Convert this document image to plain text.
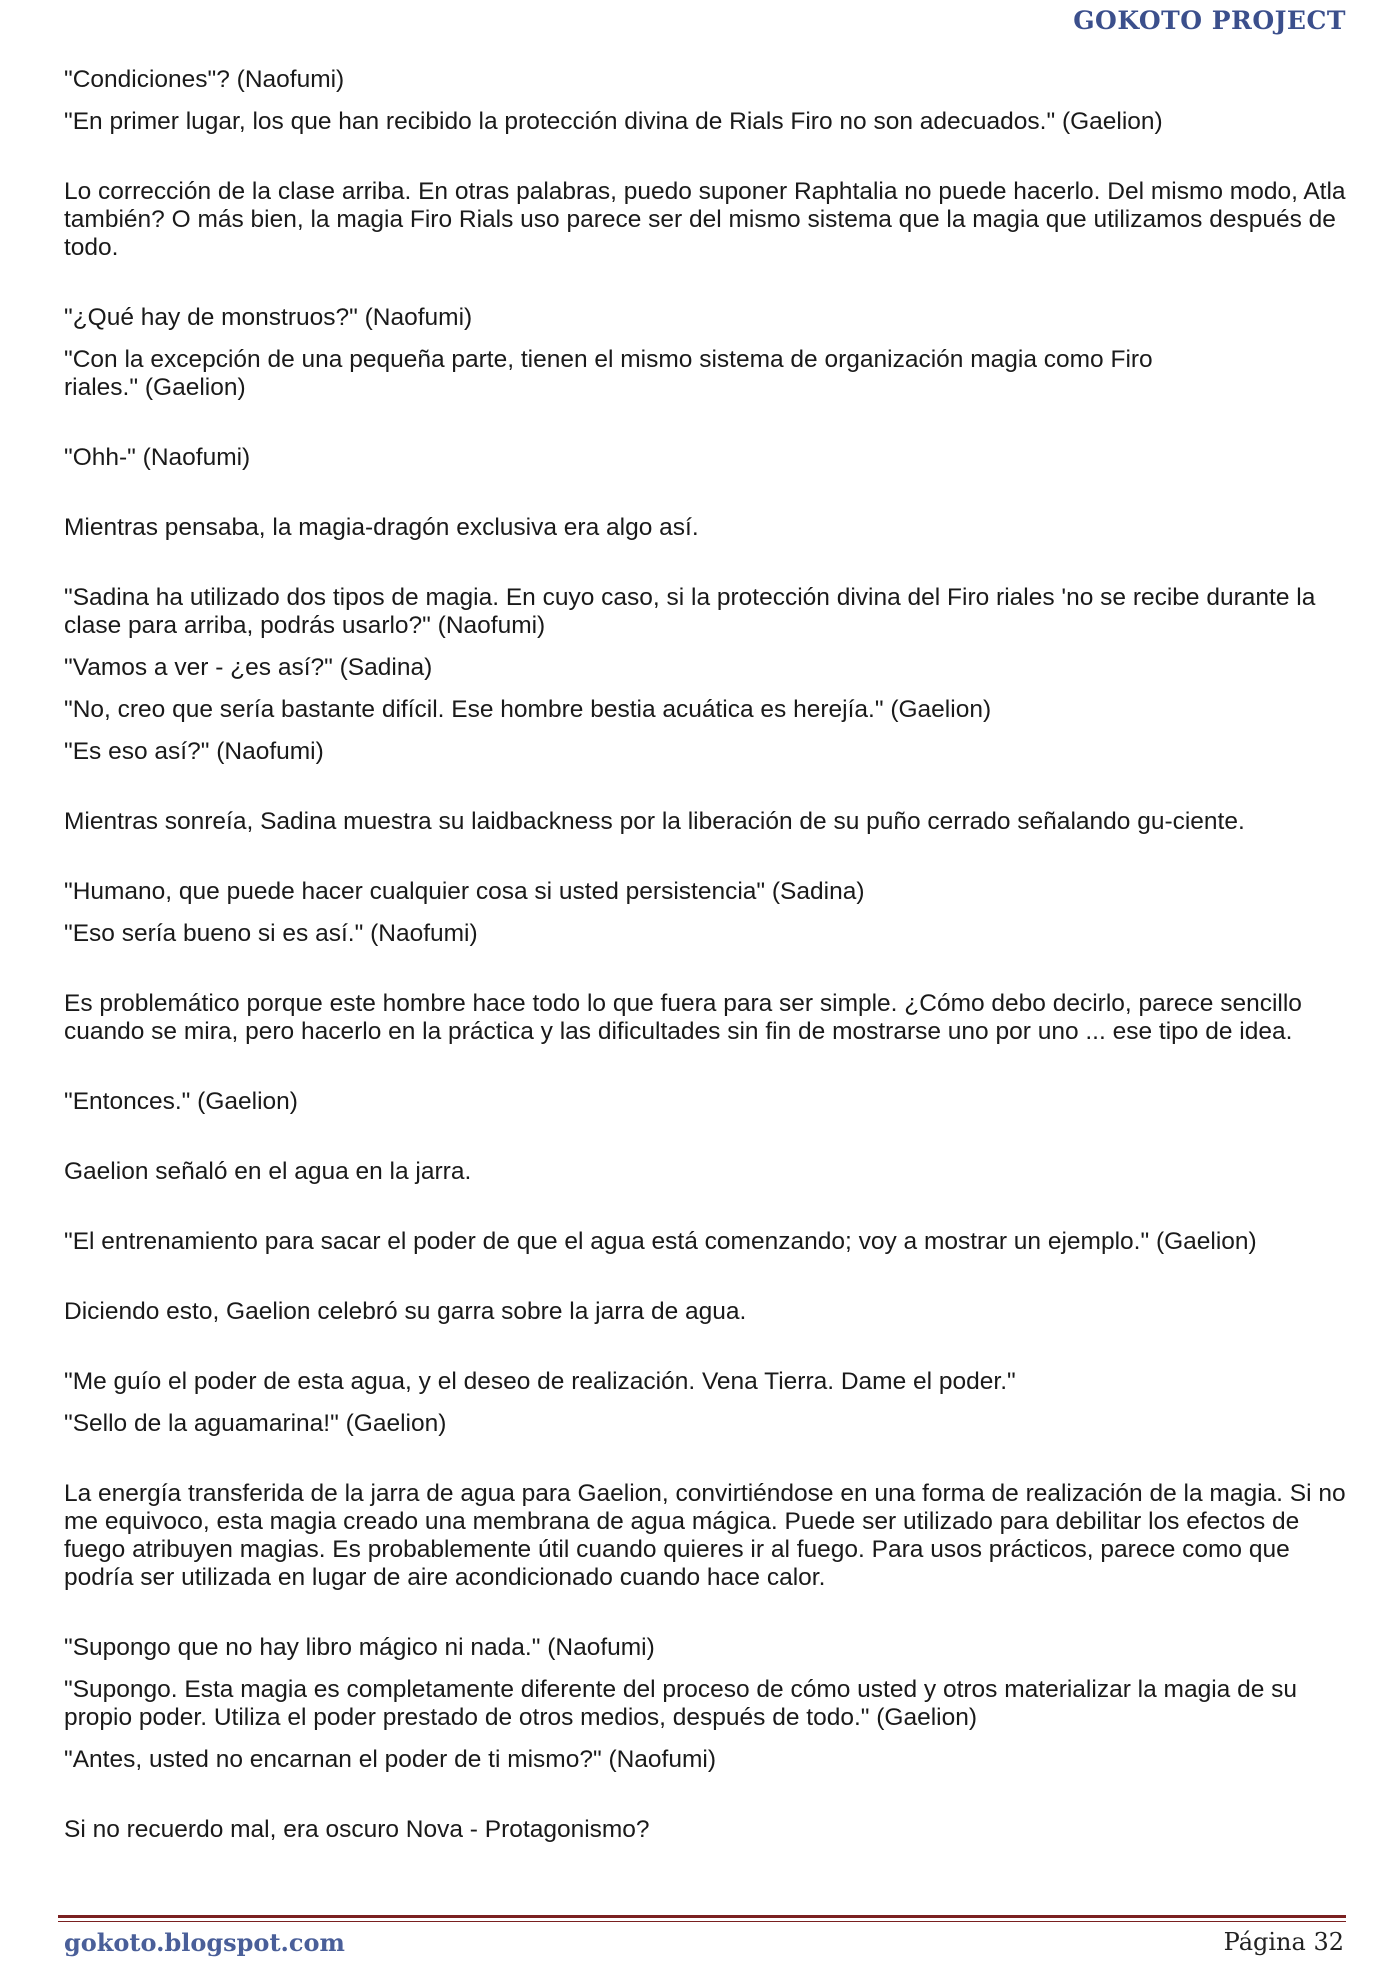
GOKOTO PROJECT

"Condiciones"? (Naofumi)

"En primer lugar, los que han recibido la protección divina de Rials Firo no son adecuados." (Gaelion)

Lo corrección de la clase arriba. En otras palabras, puedo suponer Raphtalia no puede hacerlo. Del mismo modo, Atla también? O más bien, la magia Firo Rials uso parece ser del mismo sistema que la magia que utilizamos después de todo.

"¿Qué hay de monstruos?" (Naofumi)

"Con la excepción de una pequeña parte, tienen el mismo sistema de organización magia como Firo riales." (Gaelion)

"Ohh-" (Naofumi)

Mientras pensaba, la magia-dragón exclusiva era algo así.

"Sadina ha utilizado dos tipos de magia. En cuyo caso, si la protección divina del Firo riales 'no se recibe durante la clase para arriba, podrás usarlo?" (Naofumi)

"Vamos a ver - ¿es así?" (Sadina)

"No, creo que sería bastante difícil. Ese hombre bestia acuática es herejía." (Gaelion)

"Es eso así?" (Naofumi)

Mientras sonreía, Sadina muestra su laidbackness por la liberación de su puño cerrado señalando gu-ciente.

"Humano, que puede hacer cualquier cosa si usted persistencia" (Sadina)

"Eso sería bueno si es así." (Naofumi)

Es problemático porque este hombre hace todo lo que fuera para ser simple. ¿Cómo debo decirlo, parece sencillo cuando se mira, pero hacerlo en la práctica y las dificultades sin fin de mostrarse uno por uno ... ese tipo de idea.

"Entonces." (Gaelion)

Gaelion señaló en el agua en la jarra.

"El entrenamiento para sacar el poder de que el agua está comenzando; voy a mostrar un ejemplo." (Gaelion)

Diciendo esto, Gaelion celebró su garra sobre la jarra de agua.

"Me guío el poder de esta agua, y el deseo de realización. Vena Tierra. Dame el poder."

"Sello de la aguamarina!" (Gaelion)

La energía transferida de la jarra de agua para Gaelion, convirtiéndose en una forma de realización de la magia. Si no me equivoco, esta magia creado una membrana de agua mágica. Puede ser utilizado para debilitar los efectos de fuego atribuyen magias. Es probablemente útil cuando quieres ir al fuego. Para usos prácticos, parece como que podría ser utilizada en lugar de aire acondicionado cuando hace calor.

"Supongo que no hay libro mágico ni nada." (Naofumi)

"Supongo. Esta magia es completamente diferente del proceso de cómo usted y otros materializar la magia de su propio poder. Utiliza el poder prestado de otros medios, después de todo." (Gaelion)

"Antes, usted no encarnan el poder de ti mismo?" (Naofumi)

Si no recuerdo mal, era oscuro Nova - Protagonismo?

gokoto.blogspot.com	Página 32
